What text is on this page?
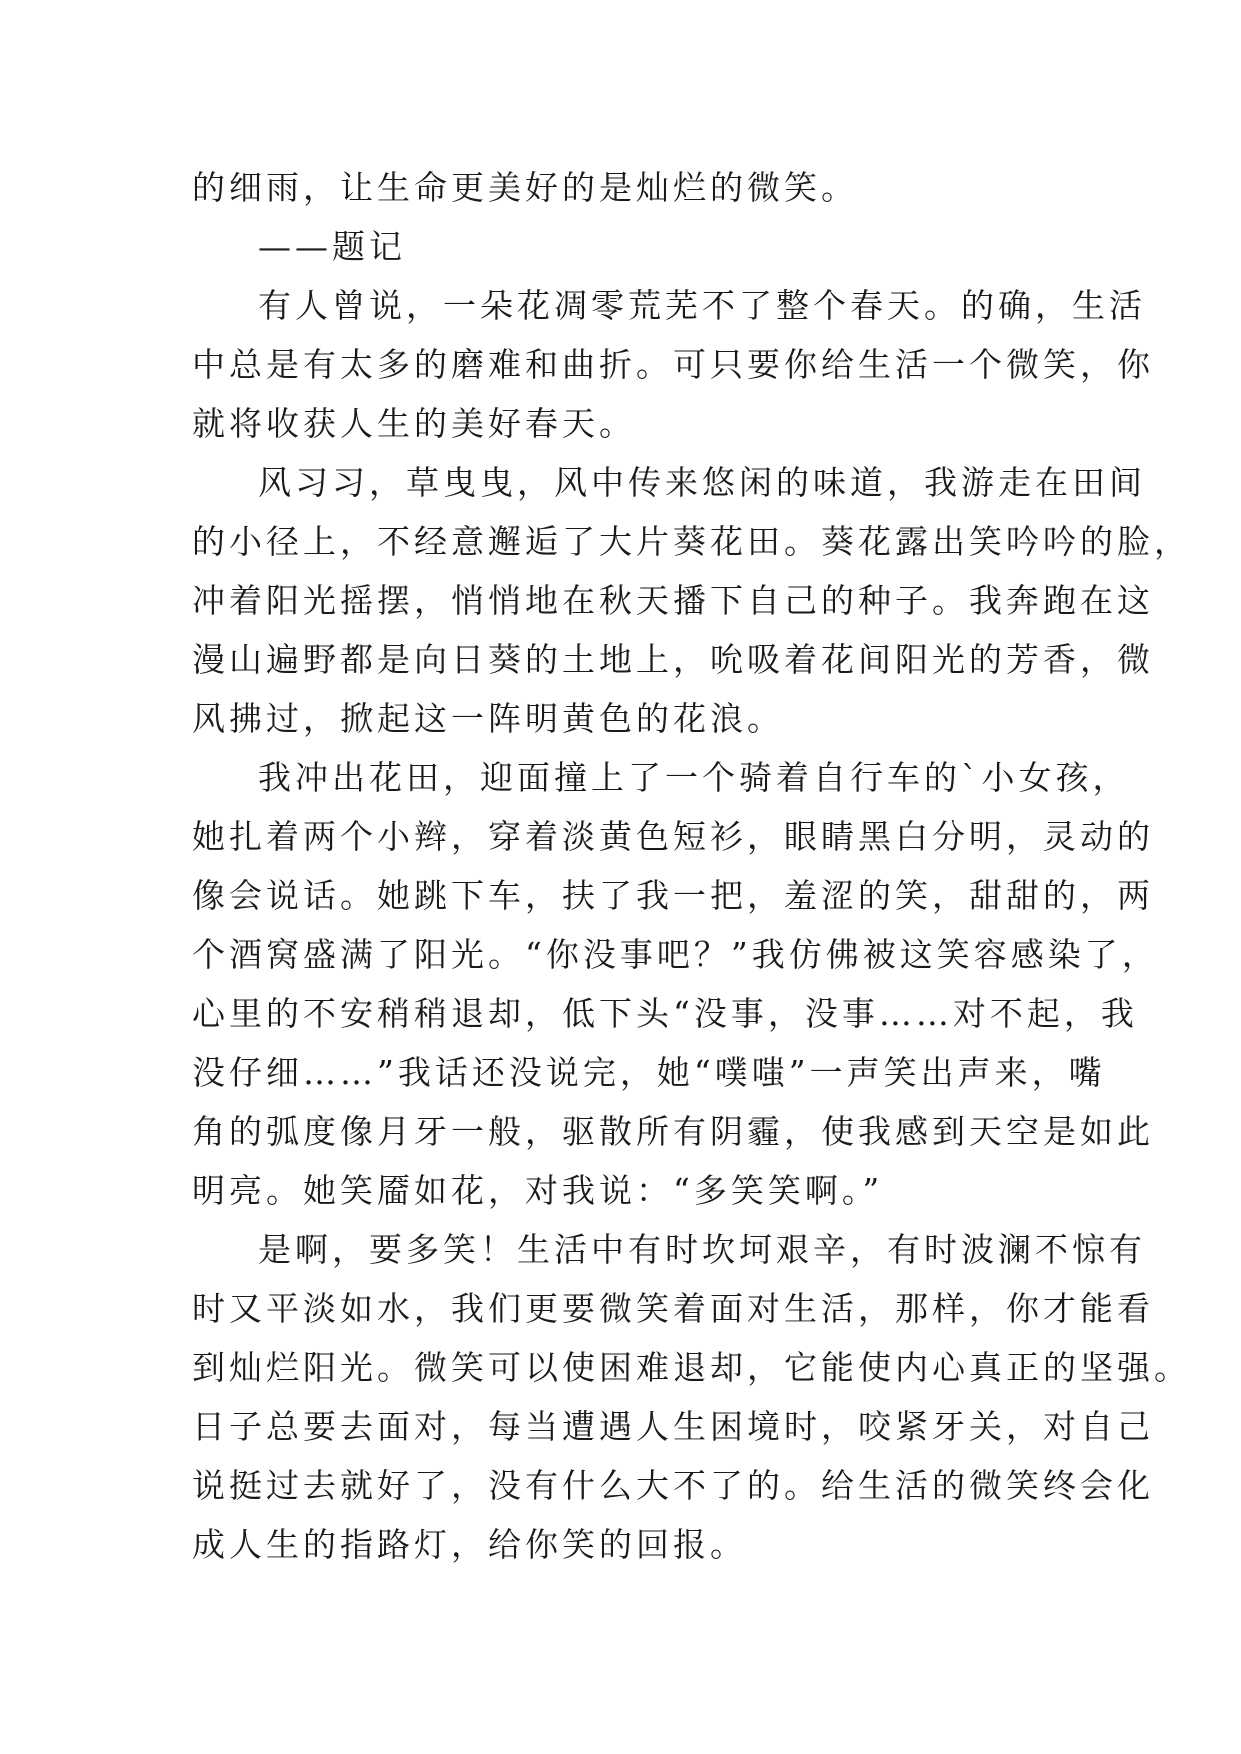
的细雨，让生命更美好的是灿烂的微笑。
——题记
有人曾说，一朵花凋零荒芜不了整个春天。的确，生活
中总是有太多的磨难和曲折。可只要你给生活一个微笑，你
就将收获人生的美好春天。
风习习，草曳曳，风中传来悠闲的味道，我游走在田间
的小径上，不经意邂逅了大片葵花田。葵花露出笑吟吟的脸，
冲着阳光摇摆，悄悄地在秋天播下自己的种子。我奔跑在这
漫山遍野都是向日葵的土地上，吮吸着花间阳光的芳香，微
风拂过，掀起这一阵明黄色的花浪。
我冲出花田，迎面撞上了一个骑着自行车的`小女孩，
她扎着两个小辫，穿着淡黄色短衫，眼睛黑白分明，灵动的
像会说话。她跳下车，扶了我一把，羞涩的笑，甜甜的，两
个酒窝盛满了阳光。“你没事吧？”我仿佛被这笑容感染了，
心里的不安稍稍退却，低下头“没事，没事……对不起，我
没仔细……”我话还没说完，她“噗嗤”一声笑出声来，嘴
角的弧度像月牙一般，驱散所有阴霾，使我感到天空是如此
明亮。她笑靥如花，对我说：“多笑笑啊。”
是啊，要多笑！生活中有时坎坷艰辛，有时波澜不惊有
时又平淡如水，我们更要微笑着面对生活，那样，你才能看
到灿烂阳光。微笑可以使困难退却，它能使内心真正的坚强。
日子总要去面对，每当遭遇人生困境时，咬紧牙关，对自己
说挺过去就好了，没有什么大不了的。给生活的微笑终会化
成人生的指路灯，给你笑的回报。
